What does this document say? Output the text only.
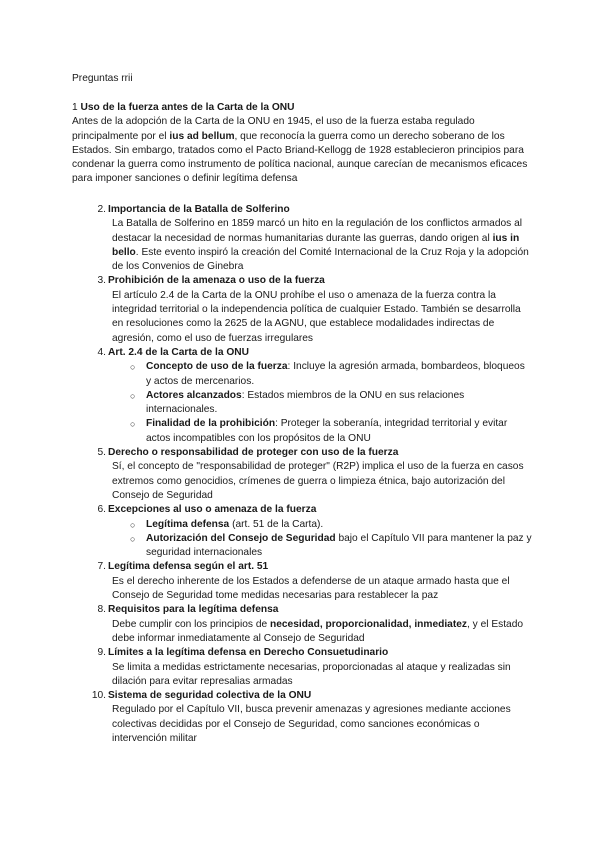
Preguntas rrii
1 Uso de la fuerza antes de la Carta de la ONU
Antes de la adopción de la Carta de la ONU en 1945, el uso de la fuerza estaba regulado principalmente por el ius ad bellum, que reconocía la guerra como un derecho soberano de los Estados. Sin embargo, tratados como el Pacto Briand-Kellogg de 1928 establecieron principios para condenar la guerra como instrumento de política nacional, aunque carecían de mecanismos eficaces para imponer sanciones o definir legítima defensa
2 . Importancia de la Batalla de Solferino
La Batalla de Solferino en 1859 marcó un hito en la regulación de los conflictos armados al destacar la necesidad de normas humanitarias durante las guerras, dando origen al ius in bello. Este evento inspiró la creación del Comité Internacional de la Cruz Roja y la adopción de los Convenios de Ginebra
3 . Prohibición de la amenaza o uso de la fuerza
El artículo 2.4 de la Carta de la ONU prohíbe el uso o amenaza de la fuerza contra la integridad territorial o la independencia política de cualquier Estado. También se desarrolla en resoluciones como la 2625 de la AGNU, que establece modalidades indirectas de agresión, como el uso de fuerzas irregulares
4 . Art. 2.4 de la Carta de la ONU
○ Concepto de uso de la fuerza: Incluye la agresión armada, bombardeos, bloqueos y actos de mercenarios.
○ Actores alcanzados: Estados miembros de la ONU en sus relaciones internacionales.
○ Finalidad de la prohibición: Proteger la soberanía, integridad territorial y evitar actos incompatibles con los propósitos de la ONU
5 . Derecho o responsabilidad de proteger con uso de la fuerza
Sí, el concepto de "responsabilidad de proteger" (R2P) implica el uso de la fuerza en casos extremos como genocidios, crímenes de guerra o limpieza étnica, bajo autorización del Consejo de Seguridad
6 . Excepciones al uso o amenaza de la fuerza
○ Legítima defensa (art. 51 de la Carta).
○ Autorización del Consejo de Seguridad bajo el Capítulo VII para mantener la paz y seguridad internacionales
7 . Legítima defensa según el art. 51
Es el derecho inherente de los Estados a defenderse de un ataque armado hasta que el Consejo de Seguridad tome medidas necesarias para restablecer la paz
8 . Requisitos para la legítima defensa
Debe cumplir con los principios de necesidad, proporcionalidad, inmediatez, y el Estado debe informar inmediatamente al Consejo de Seguridad
9 . Límites a la legítima defensa en Derecho Consuetudinario
Se limita a medidas estrictamente necesarias, proporcionadas al ataque y realizadas sin dilación para evitar represalias armadas
10 . Sistema de seguridad colectiva de la ONU
Regulado por el Capítulo VII, busca prevenir amenazas y agresiones mediante acciones colectivas decididas por el Consejo de Seguridad, como sanciones económicas o intervención militar
